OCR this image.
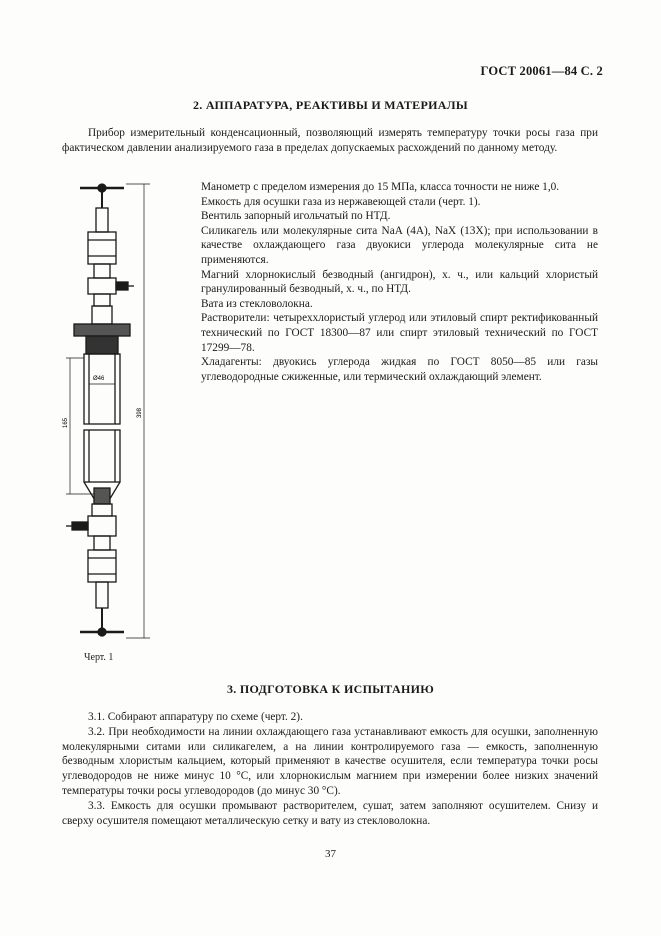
ГОСТ 20061—84 С. 2
2. АППАРАТУРА, РЕАКТИВЫ И МАТЕРИАЛЫ

Прибор измерительный конденсационный, позволяющий измерять температуру точки росы газа при фактическом давлении анализируемого газа в пределах допускаемых расхождений по данному методу.

Ø46
165
398
Черт. 1

Манометр с пределом измерения до 15 МПа, класса точности не ниже 1,0.

Емкость для осушки газа из нержавеющей стали (черт. 1).

Вентиль запорный игольчатый по НТД.

Силикагель или молекулярные сита NaA (4А), NaX (13Х); при использовании в качестве охлаждающего газа двуокиси углерода молекулярные сита не применяются.

Магний хлорнокислый безводный (ангидрон), х. ч., или кальций хлористый гранулированный безводный, х. ч., по НТД.

Вата из стекловолокна.

Растворители: четыреххлористый углерод или этиловый спирт ректификованный технический по ГОСТ 18300—87 или спирт этиловый технический по ГОСТ 17299—78.

Хладагенты: двуокись углерода жидкая по ГОСТ 8050—85 или газы углеводородные сжиженные, или термический охлаждающий элемент.

3. ПОДГОТОВКА К ИСПЫТАНИЮ

3.1. Собирают аппаратуру по схеме (черт. 2).

3.2. При необходимости на линии охлаждающего газа устанавливают емкость для осушки, заполненную молекулярными ситами или силикагелем, а на линии контролируемого газа — емкость, заполненную безводным хлористым кальцием, который применяют в качестве осушителя, если температура точки росы углеводородов не ниже минус 10 °С, или хлорнокислым магнием при измерении более низких значений температуры точки росы углеводородов (до минус 30 °С).

3.3. Емкость для осушки промывают растворителем, сушат, затем заполняют осушителем. Снизу и сверху осушителя помещают металлическую сетку и вату из стекловолокна.

37
